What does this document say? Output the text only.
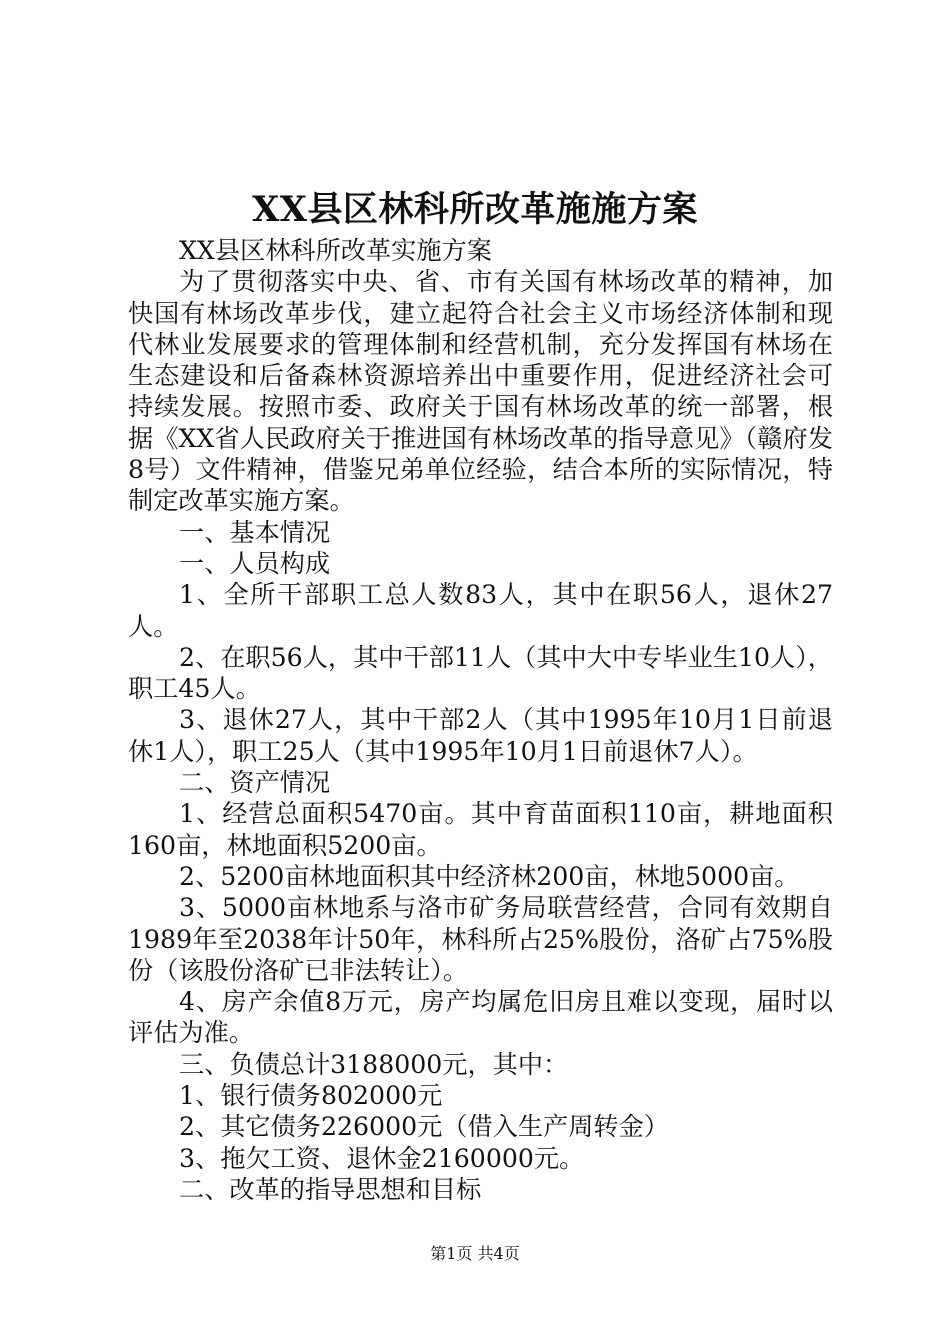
XX县区林科所改革施施方案

XX县区林科所改革实施方案

为了贯彻落实中央、省、市有关国有林场改革的精神，加快国有林场改革步伐，建立起符合社会主义市场经济体制和现代林业发展要求的管理体制和经营机制，充分发挥国有林场在生态建设和后备森林资源培养出中重要作用，促进经济社会可持续发展。按照市委、政府关于国有林场改革的统一部署，根据《XX省人民政府关于推进国有林场改革的指导意见》（赣府发8号）文件精神，借鉴兄弟单位经验，结合本所的实际情况，特制定改革实施方案。

一、基本情况

一、人员构成

1、全所干部职工总人数83人，其中在职56人，退休27人。

2、在职56人，其中干部11人（其中大中专毕业生10人），职工45人。

3、退休27人，其中干部2人（其中1995年10月1日前退休1人），职工25人（其中1995年10月1日前退休7人）。

二、资产情况

1、经营总面积5470亩。其中育苗面积110亩，耕地面积160亩，林地面积5200亩。

2、5200亩林地面积其中经济林200亩，林地5000亩。

3、5000亩林地系与洛市矿务局联营经营，合同有效期自1989年至2038年计50年，林科所占25%股份，洛矿占75%股份（该股份洛矿已非法转让）。

4、房产余值8万元，房产均属危旧房且难以变现，届时以评估为准。

三、负债总计3188000元，其中：

1、银行债务802000元

2、其它债务226000元（借入生产周转金）

3、拖欠工资、退休金2160000元。

二、改革的指导思想和目标

第1页 共4页
